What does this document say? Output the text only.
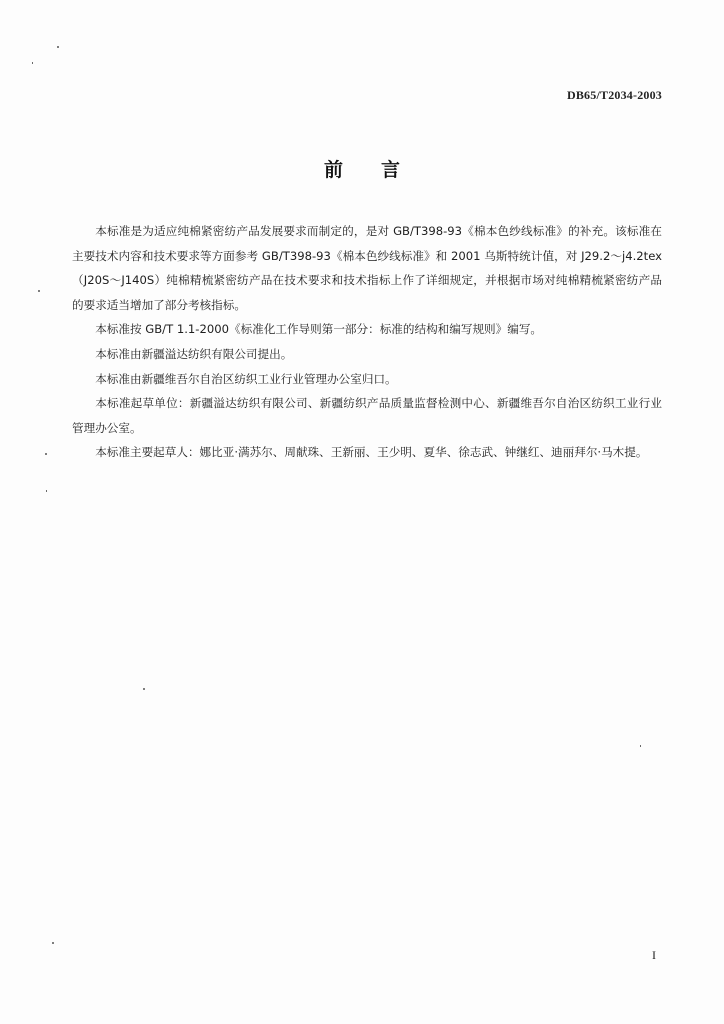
DB65/T2034-2003
前言

本标准是为适应纯棉紧密纺产品发展要求而制定的，是对 GB/T398-93《棉本色纱线标准》的补充。该标准在主要技术内容和技术要求等方面参考 GB/T398-93《棉本色纱线标准》和 2001 乌斯特统计值，对 J29.2～j4.2tex（J20S～J140S）纯棉精梳紧密纺产品在技术要求和技术指标上作了详细规定，并根据市场对纯棉精梳紧密纺产品的要求适当增加了部分考核指标。

本标准按 GB/T 1.1-2000《标准化工作导则第一部分：标准的结构和编写规则》编写。

本标准由新疆溢达纺织有限公司提出。

本标准由新疆维吾尔自治区纺织工业行业管理办公室归口。

本标准起草单位：新疆溢达纺织有限公司、新疆纺织产品质量监督检测中心、新疆维吾尔自治区纺织工业行业管理办公室。

本标准主要起草人：娜比亚·满苏尔、周献珠、王新丽、王少明、夏华、徐志武、钟继红、迪丽拜尔·马木提。

I
